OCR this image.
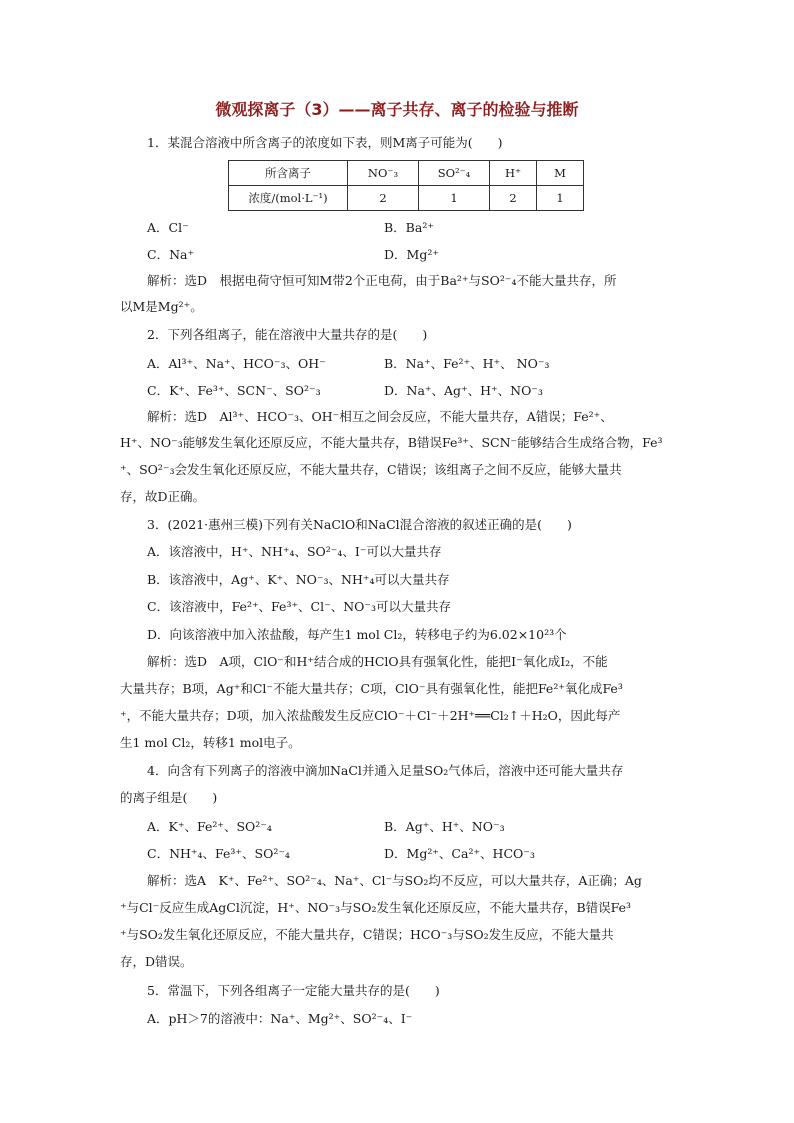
微观探离子（3）——离子共存、离子的检验与推断
1．某混合溶液中所含离子的浓度如下表，则M离子可能为(　　)
所含离子	NO⁻₃	SO²⁻₄	H⁺	M
浓度/(mol·L⁻¹)	2	1	2	1
A．Cl⁻	B．Ba²⁺
C．Na⁺	D．Mg²⁺
解析：选D　根据电荷守恒可知M带2个正电荷，由于Ba²⁺与SO²⁻₄不能大量共存，所
以M是Mg²⁺。
2．下列各组离子，能在溶液中大量共存的是(　　)
A．Al³⁺、Na⁺、HCO⁻₃、OH⁻	B．Na⁺、Fe²⁺、H⁺、 NO⁻₃
C．K⁺、Fe³⁺、SCN⁻、SO²⁻₃	D．Na⁺、Ag⁺、H⁺、NO⁻₃
解析：选D　Al³⁺、HCO⁻₃、OH⁻相互之间会反应，不能大量共存，A错误；Fe²⁺、
H⁺、NO⁻₃能够发生氧化还原反应，不能大量共存，B错误Fe³⁺、SCN⁻能够结合生成络合物，Fe³
⁺、SO²⁻₃会发生氧化还原反应，不能大量共存，C错误；该组离子之间不反应，能够大量共
存，故D正确。
3．(2021·惠州三模)下列有关NaClO和NaCl混合溶液的叙述正确的是(　　)
A．该溶液中，H⁺、NH⁺₄、SO²⁻₄、I⁻可以大量共存
B．该溶液中，Ag⁺、K⁺、NO⁻₃、NH⁺₄可以大量共存
C．该溶液中，Fe²⁺、Fe³⁺、Cl⁻、NO⁻₃可以大量共存
D．向该溶液中加入浓盐酸，每产生1 mol Cl₂，转移电子约为6.02×10²³个
解析：选D　A项，ClO⁻和H⁺结合成的HClO具有强氧化性，能把I⁻氧化成I₂，不能
大量共存；B项，Ag⁺和Cl⁻不能大量共存；C项，ClO⁻具有强氧化性，能把Fe²⁺氧化成Fe³
⁺，不能大量共存；D项，加入浓盐酸发生反应ClO⁻＋Cl⁻＋2H⁺══Cl₂↑＋H₂O，因此每产
生1 mol Cl₂，转移1 mol电子。
4．向含有下列离子的溶液中滴加NaCl并通入足量SO₂气体后，溶液中还可能大量共存
的离子组是(　　)
A．K⁺、Fe²⁺、SO²⁻₄	B．Ag⁺、H⁺、NO⁻₃
C．NH⁺₄、Fe³⁺、SO²⁻₄	D．Mg²⁺、Ca²⁺、HCO⁻₃
解析：选A　K⁺、Fe²⁺、SO²⁻₄、Na⁺、Cl⁻与SO₂均不反应，可以大量共存，A正确；Ag
⁺与Cl⁻反应生成AgCl沉淀，H⁺、NO⁻₃与SO₂发生氧化还原反应，不能大量共存，B错误Fe³
⁺与SO₂发生氧化还原反应，不能大量共存，C错误；HCO⁻₃与SO₂发生反应，不能大量共
存，D错误。
5．常温下，下列各组离子一定能大量共存的是(　　)
A．pH＞7的溶液中：Na⁺、Mg²⁺、SO²⁻₄、I⁻
